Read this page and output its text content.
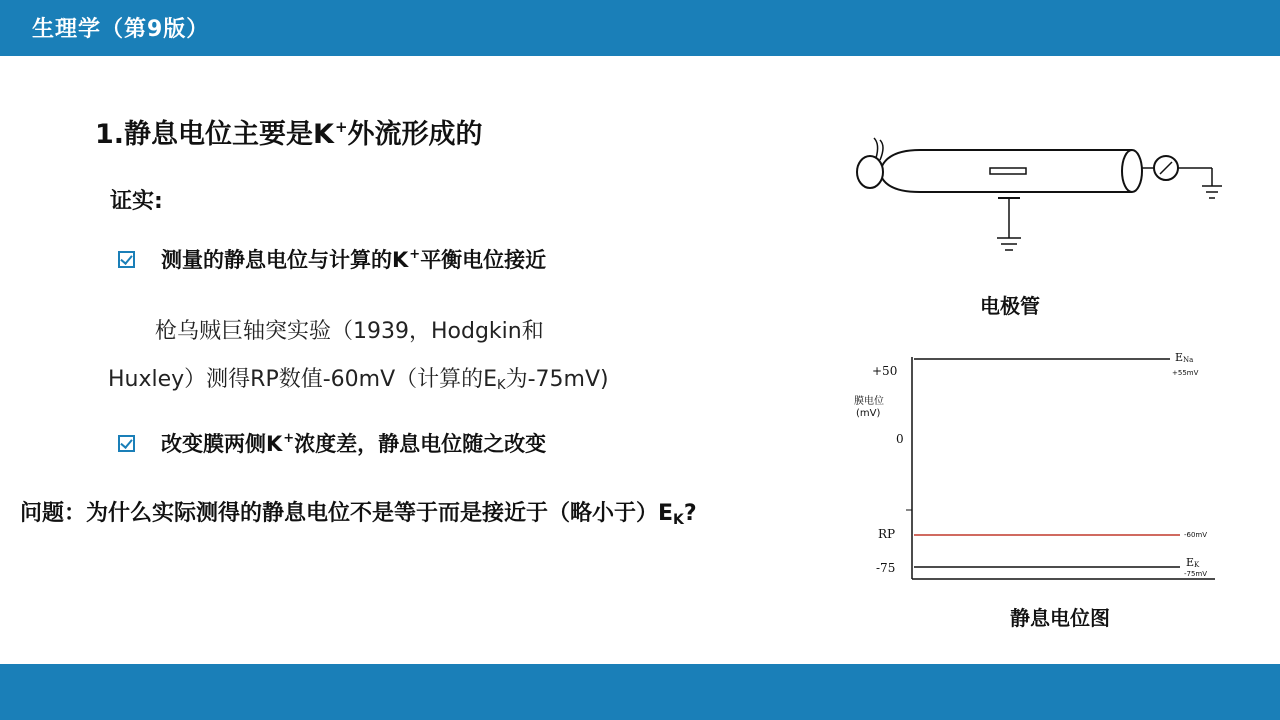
生理学（第9版）
1.静息电位主要是K+外流形成的
证实:
测量的静息电位与计算的K+平衡电位接近
枪乌贼巨轴突实验（1939，Hodgkin和
Huxley）测得RP数值-60mV（计算的$E_K$为-75mV)
改变膜两侧K+浓度差，静息电位随之改变
问题：为什么实际测得的静息电位不是等于而是接近于（略小于）$E_K$?
电极管
+50
膜电位
(mV)
0
RP
-75
ENa
+55mV
-60mV
EK
-75mV
静息电位图
